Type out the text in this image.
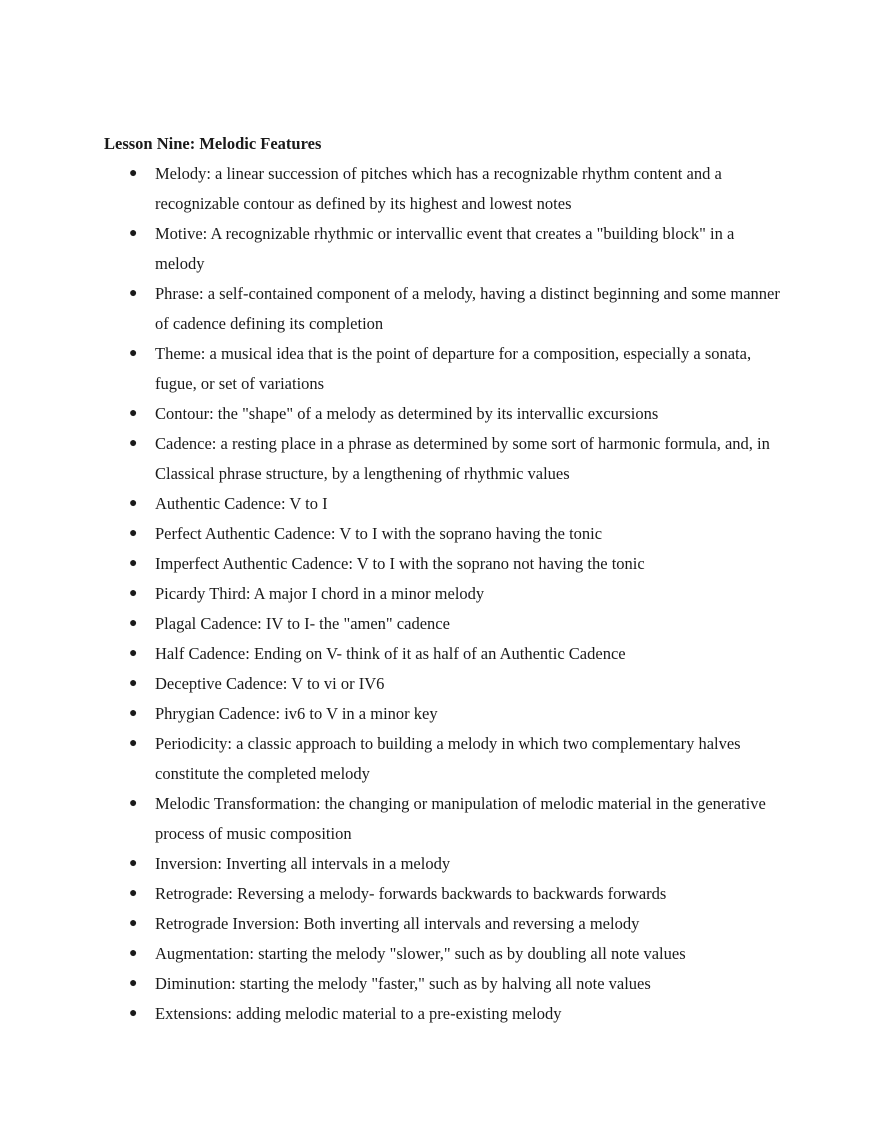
Lesson Nine: Melodic Features
● Melody: a linear succession of pitches which has a recognizable rhythm content and a recognizable contour as defined by its highest and lowest notes
● Motive: A recognizable rhythmic or intervallic event that creates a "building block" in a melody
● Phrase: a self-contained component of a melody, having a distinct beginning and some manner of cadence defining its completion
● Theme: a musical idea that is the point of departure for a composition, especially a sonata, fugue, or set of variations
● Contour: the "shape" of a melody as determined by its intervallic excursions
● Cadence: a resting place in a phrase as determined by some sort of harmonic formula, and, in Classical phrase structure, by a lengthening of rhythmic values
● Authentic Cadence: V to I
● Perfect Authentic Cadence: V to I with the soprano having the tonic
● Imperfect Authentic Cadence: V to I with the soprano not having the tonic
● Picardy Third: A major I chord in a minor melody
● Plagal Cadence: IV to I- the "amen" cadence
● Half Cadence: Ending on V- think of it as half of an Authentic Cadence
● Deceptive Cadence: V to vi or IV6
● Phrygian Cadence: iv6 to V in a minor key
● Periodicity: a classic approach to building a melody in which two complementary halves constitute the completed melody
● Melodic Transformation: the changing or manipulation of melodic material in the generative process of music composition
● Inversion: Inverting all intervals in a melody
● Retrograde: Reversing a melody- forwards backwards to backwards forwards
● Retrograde Inversion: Both inverting all intervals and reversing a melody
● Augmentation: starting the melody "slower," such as by doubling all note values
● Diminution: starting the melody "faster," such as by halving all note values
● Extensions: adding melodic material to a pre-existing melody
